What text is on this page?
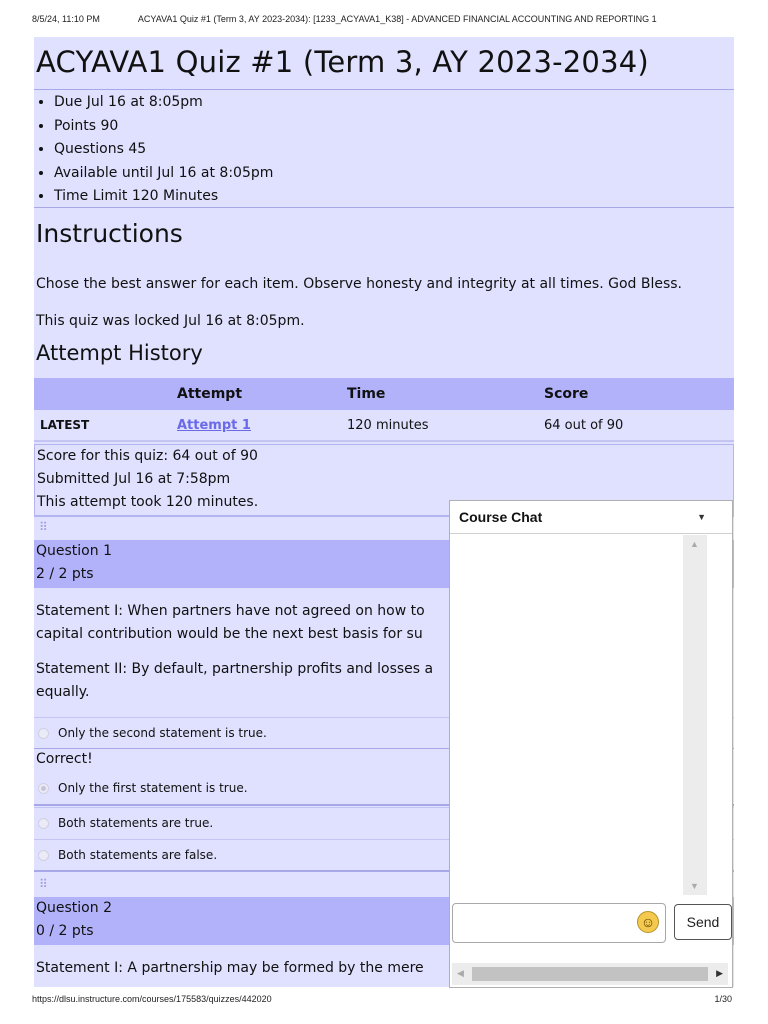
8/5/24, 11:10 PM	ACYAVA1 Quiz #1 (Term 3, AY 2023-2034): [1233_ACYAVA1_K38] - ADVANCED FINANCIAL ACCOUNTING AND REPORTING 1
ACYAVA1 Quiz #1 (Term 3, AY 2023-2034)
• Due Jul 16 at 8:05pm
• Points 90
• Questions 45
• Available until Jul 16 at 8:05pm
• Time Limit 120 Minutes
Instructions

Chose the best answer for each item. Observe honesty and integrity at all times. God Bless.

This quiz was locked Jul 16 at 8:05pm.

Attempt History
	Attempt	Time	Score
LATEST	Attempt 1	120 minutes	64 out of 90
Score for this quiz: 64 out of 90
Submitted Jul 16 at 7:58pm
This attempt took 120 minutes.
⠿
Question 1
2 / 2 pts
Statement I: When partners have not agreed on how to
capital contribution would be the next best basis for su
Statement II: By default, partnership profits and losses a
equally.
Only the second statement is true.
Correct!
Only the first statement is true.
Both statements are true.
Both statements are false.
⠿
Question 2
0 / 2 pts
Statement I: A partnership may be formed by the mere
Course Chat	▼
▲
▼
☺	Send
◀	▶
https://dlsu.instructure.com/courses/175583/quizzes/442020	1/30
